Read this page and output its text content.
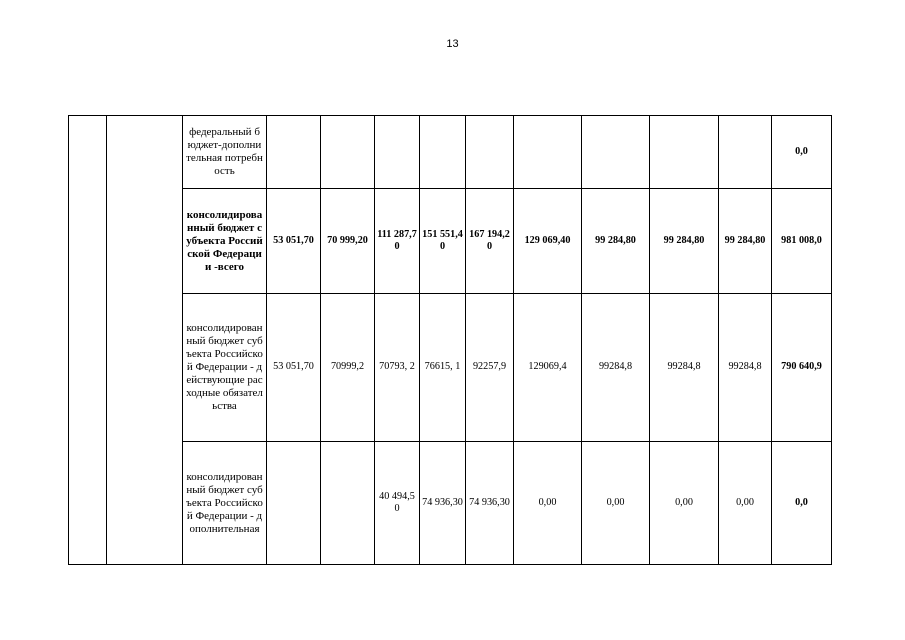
13
		федеральный бюджет-дополнительная потребность										0,0
		консолидированный бюджет субъекта Российской Федерации -всего	53 051,70	70 999,20	111 287,70	151 551,40	167 194,20	129 069,40	99 284,80	99 284,80	99 284,80	981 008,0
		консолидированный бюджет субъекта Российской Федерации - действующие расходные обязательства	53 051,70	70999,2	70793, 2	76615, 1	92257,9	129069,4	99284,8	99284,8	99284,8	790 640,9
		консолидированный бюджет субъекта Российской Федерации - дополнительная			40 494,50	74 936,30	74 936,30	0,00	0,00	0,00	0,00	0,0
